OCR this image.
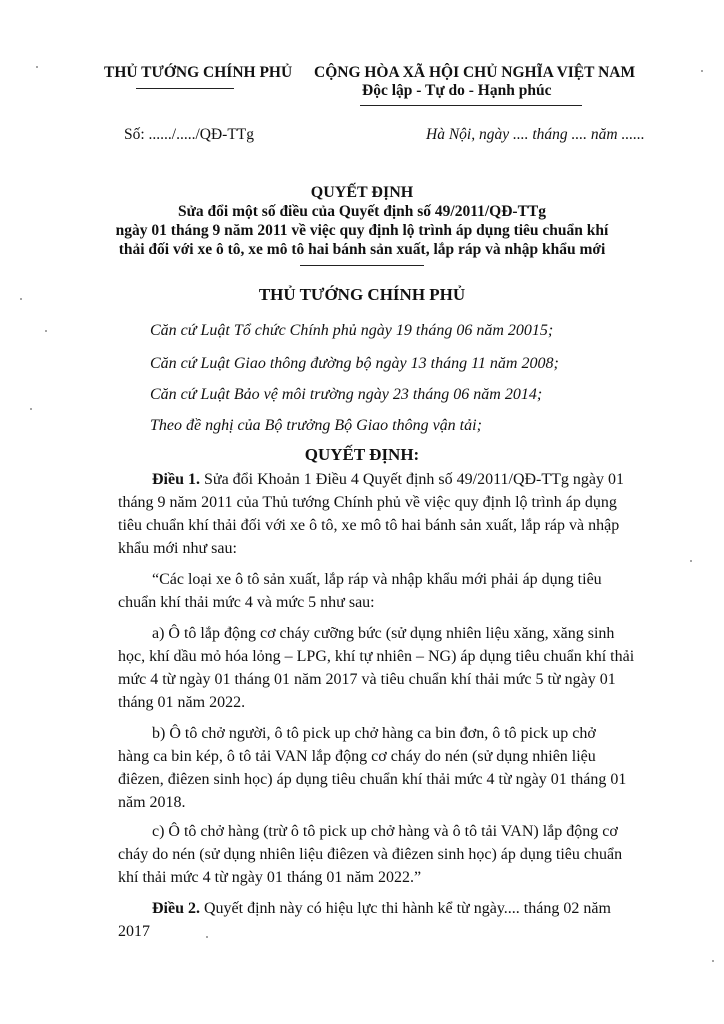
THỦ TƯỚNG CHÍNH PHỦ CỘNG HÒA XÃ HỘI CHỦ NGHĨA VIỆT NAM
Độc lập - Tự do - Hạnh phúc
Số: ....../...../QĐ-TTg	Hà Nội, ngày .... tháng .... năm ......
QUYẾT ĐỊNH
Sửa đổi một số điều của Quyết định số 49/2011/QĐ-TTg
ngày 01 tháng 9 năm 2011 về việc quy định lộ trình áp dụng tiêu chuẩn khí
thải đối với xe ô tô, xe mô tô hai bánh sản xuất, lắp ráp và nhập khẩu mới
THỦ TƯỚNG CHÍNH PHỦ
Căn cứ Luật Tổ chức Chính phủ ngày 19 tháng 06 năm 20015;
Căn cứ Luật Giao thông đường bộ ngày 13 tháng 11 năm 2008;
Căn cứ Luật Bảo vệ môi trường ngày 23 tháng 06 năm 2014;
Theo đề nghị của Bộ trưởng Bộ Giao thông vận tải;
QUYẾT ĐỊNH:
Điều 1. Sửa đổi Khoản 1 Điều 4 Quyết định số 49/2011/QĐ-TTg ngày 01
tháng 9 năm 2011 của Thủ tướng Chính phủ về việc quy định lộ trình áp dụng
tiêu chuẩn khí thải đối với xe ô tô, xe mô tô hai bánh sản xuất, lắp ráp và nhập
khẩu mới như sau:
“Các loại xe ô tô sản xuất, lắp ráp và nhập khẩu mới phải áp dụng tiêu
chuẩn khí thải mức 4 và mức 5 như sau:
a) Ô tô lắp động cơ cháy cưỡng bức (sử dụng nhiên liệu xăng, xăng sinh
học, khí dầu mỏ hóa lỏng – LPG, khí tự nhiên – NG) áp dụng tiêu chuẩn khí thải
mức 4 từ ngày 01 tháng 01 năm 2017 và tiêu chuẩn khí thải mức 5 từ ngày 01
tháng 01 năm 2022.
b) Ô tô chở người, ô tô pick up chở hàng ca bin đơn, ô tô pick up chở
hàng ca bin kép, ô tô tải VAN lắp động cơ cháy do nén (sử dụng nhiên liệu
điêzen, điêzen sinh học) áp dụng tiêu chuẩn khí thải mức 4 từ ngày 01 tháng 01
năm 2018.
c) Ô tô chở hàng (trừ ô tô pick up chở hàng và ô tô tải VAN) lắp động cơ
cháy do nén (sử dụng nhiên liệu điêzen và điêzen sinh học) áp dụng tiêu chuẩn
khí thải mức 4 từ ngày 01 tháng 01 năm 2022.”
Điều 2. Quyết định này có hiệu lực thi hành kể từ ngày.... tháng 02 năm
2017
